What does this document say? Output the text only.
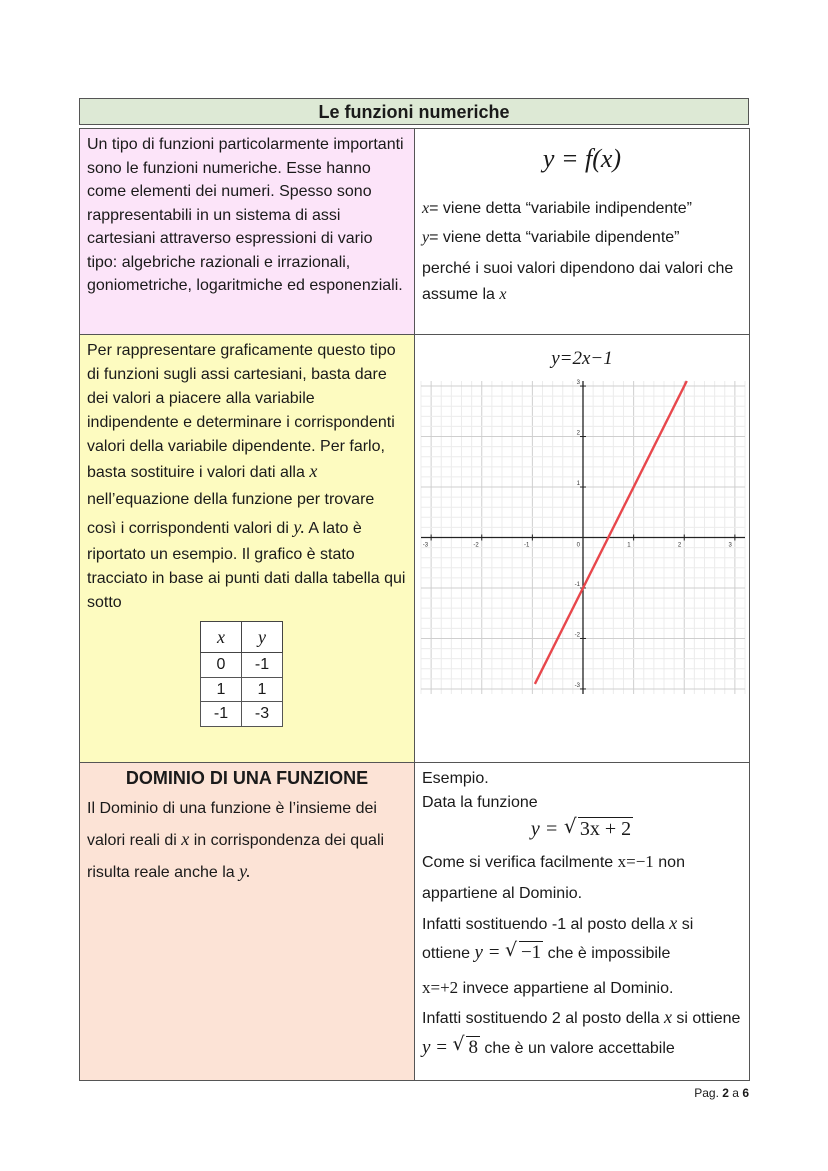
Le funzioni numeriche
Un tipo di funzioni particolarmente importanti sono le funzioni numeriche. Esse hanno come elementi dei numeri. Spesso sono rappresentabili in un sistema di assi cartesiani attraverso espressioni di vario tipo: algebriche razionali e irrazionali, goniometriche, logaritmiche ed esponenziali.	
y = f(x)
x= viene detta “variabile indipendente”
y= viene detta “variabile dipendente”
perché i suoi valori dipendono dai valori che assume la x

Per rappresentare graficamente questo tipo di funzioni sugli assi cartesiani, basta dare dei valori a piacere alla variabile indipendente e determinare i corrispondenti valori della variabile dipendente. Per farlo, basta sostituire i valori dati alla x nell’equazione della funzione per trovare così i corrispondenti valori di y. A lato è riportato un esempio. Il grafico è stato tracciato in base ai punti dati dalla tabella qui sotto
x	y
0	-1
1	1
-1	-3

y=2x−1
-3	-2	-1	0	1	2	3
3
2
1
-1
-2
-3

DOMINIO DI UNA FUNZIONE
Il Dominio di una funzione è l’insieme dei valori reali di x in corrispondenza dei quali risulta reale anche la y.

Esempio.
Data la funzione
y = √ 3x + 2
Come si verifica facilmente x=−1 non appartiene al Dominio.
Infatti sostituendo -1 al posto della x si ottiene y = √ −1 che è impossibile
x=+2 invece appartiene al Dominio.
Infatti sostituendo 2 al posto della x si ottiene y = √ 8 che è un valore accettabile
Pag. 2 a 6
